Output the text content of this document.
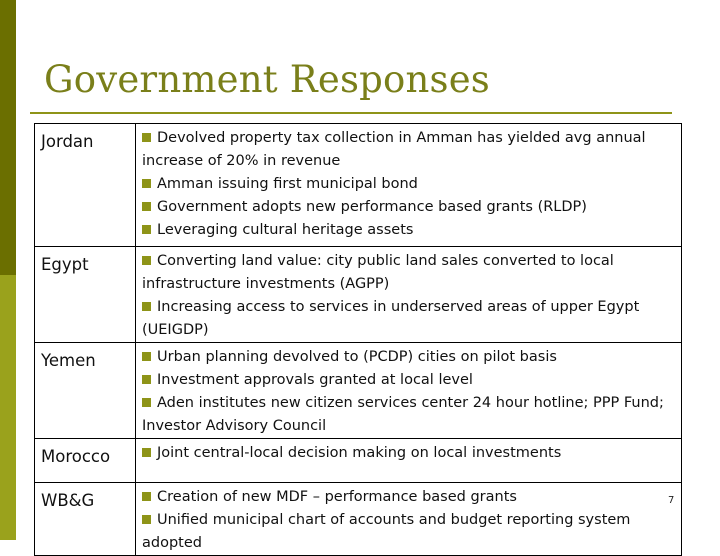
Government Responses
Jordan	Devolved property tax collection in Amman has yielded avg annual increase of 20% in revenue
Amman issuing first municipal bond
Government adopts new performance based grants (RLDP)
Leveraging cultural heritage assets

Egypt	Converting land value: city public land sales converted to local infrastructure investments (AGPP)
Increasing access to services in underserved areas of upper Egypt (UEIGDP)

Yemen	Urban planning devolved to (PCDP) cities on pilot basis
Investment approvals granted at local level
Aden institutes new citizen services center 24 hour hotline; PPP Fund; Investor Advisory Council

Morocco	Joint central-local decision making on local investments

WB&G	Creation of new MDF – performance based grants
Unified municipal chart of accounts and budget reporting system adopted
7
